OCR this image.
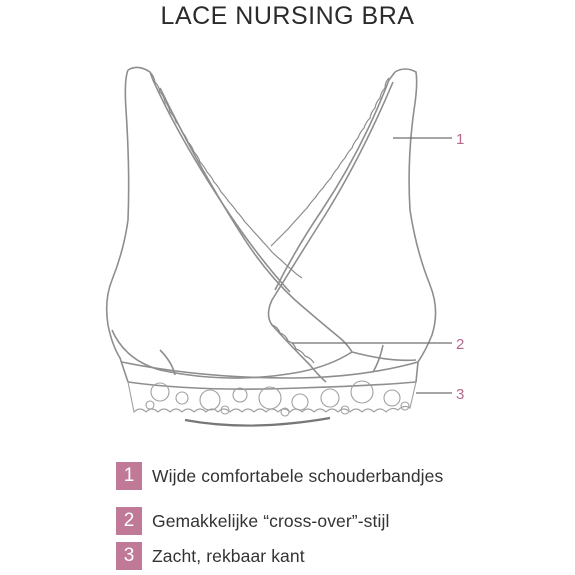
LACE NURSING BRA
1
2
3
1	Wijde comfortabele schouderbandjes
2	Gemakkelijke “cross-over”-stijl
3	Zacht, rekbaar kant
